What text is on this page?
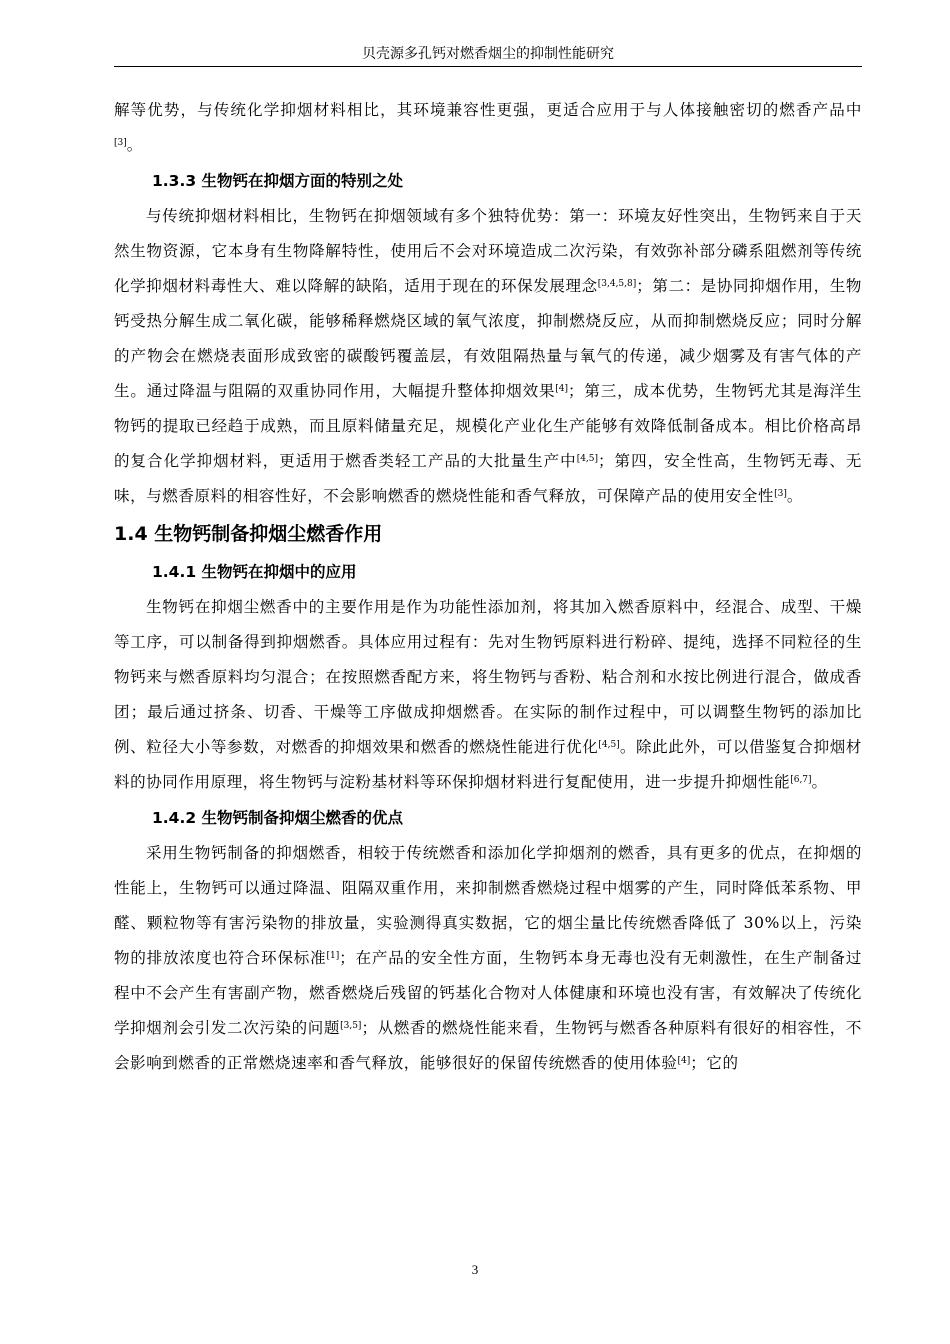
贝壳源多孔钙对燃香烟尘的抑制性能研究

解等优势，与传统化学抑烟材料相比，其环境兼容性更强，更适合应用于与人体接触密切的燃香产品中[3]。

1.3.3 生物钙在抑烟方面的特别之处

与传统抑烟材料相比，生物钙在抑烟领域有多个独特优势：第一：环境友好性突出，生物钙来自于天然生物资源，它本身有生物降解特性，使用后不会对环境造成二次污染，有效弥补部分磷系阻燃剂等传统化学抑烟材料毒性大、难以降解的缺陷，适用于现在的环保发展理念[3,4,5,8]；第二：是协同抑烟作用，生物钙受热分解生成二氧化碳，能够稀释燃烧区域的氧气浓度，抑制燃烧反应，从而抑制燃烧反应；同时分解的产物会在燃烧表面形成致密的碳酸钙覆盖层，有效阻隔热量与氧气的传递，减少烟雾及有害气体的产生。通过降温与阻隔的双重协同作用，大幅提升整体抑烟效果[4]；第三，成本优势，生物钙尤其是海洋生物钙的提取已经趋于成熟，而且原料储量充足，规模化产业化生产能够有效降低制备成本。相比价格高昂的复合化学抑烟材料，更适用于燃香类轻工产品的大批量生产中[4,5]；第四，安全性高，生物钙无毒、无味，与燃香原料的相容性好，不会影响燃香的燃烧性能和香气释放，可保障产品的使用安全性[3]。

1.4 生物钙制备抑烟尘燃香作用
1.4.1 生物钙在抑烟中的应用

生物钙在抑烟尘燃香中的主要作用是作为功能性添加剂，将其加入燃香原料中，经混合、成型、干燥等工序，可以制备得到抑烟燃香。具体应用过程有：先对生物钙原料进行粉碎、提纯，选择不同粒径的生物钙来与燃香原料均匀混合；在按照燃香配方来，将生物钙与香粉、粘合剂和水按比例进行混合，做成香团；最后通过挤条、切香、干燥等工序做成抑烟燃香。在实际的制作过程中，可以调整生物钙的添加比例、粒径大小等参数，对燃香的抑烟效果和燃香的燃烧性能进行优化[4,5]。除此此外，可以借鉴复合抑烟材料的协同作用原理，将生物钙与淀粉基材料等环保抑烟材料进行复配使用，进一步提升抑烟性能[6,7]。

1.4.2 生物钙制备抑烟尘燃香的优点

采用生物钙制备的抑烟燃香，相较于传统燃香和添加化学抑烟剂的燃香，具有更多的优点，在抑烟的性能上，生物钙可以通过降温、阻隔双重作用，来抑制燃香燃烧过程中烟雾的产生，同时降低苯系物、甲醛、颗粒物等有害污染物的排放量，实验测得真实数据，它的烟尘量比传统燃香降低了 30%以上，污染物的排放浓度也符合环保标准[1]；在产品的安全性方面，生物钙本身无毒也没有无刺激性，在生产制备过程中不会产生有害副产物，燃香燃烧后残留的钙基化合物对人体健康和环境也没有害，有效解决了传统化学抑烟剂会引发二次污染的问题[3,5]；从燃香的燃烧性能来看，生物钙与燃香各种原料有很好的相容性，不会影响到燃香的正常燃烧速率和香气释放，能够很好的保留传统燃香的使用体验[4]；它的

3
